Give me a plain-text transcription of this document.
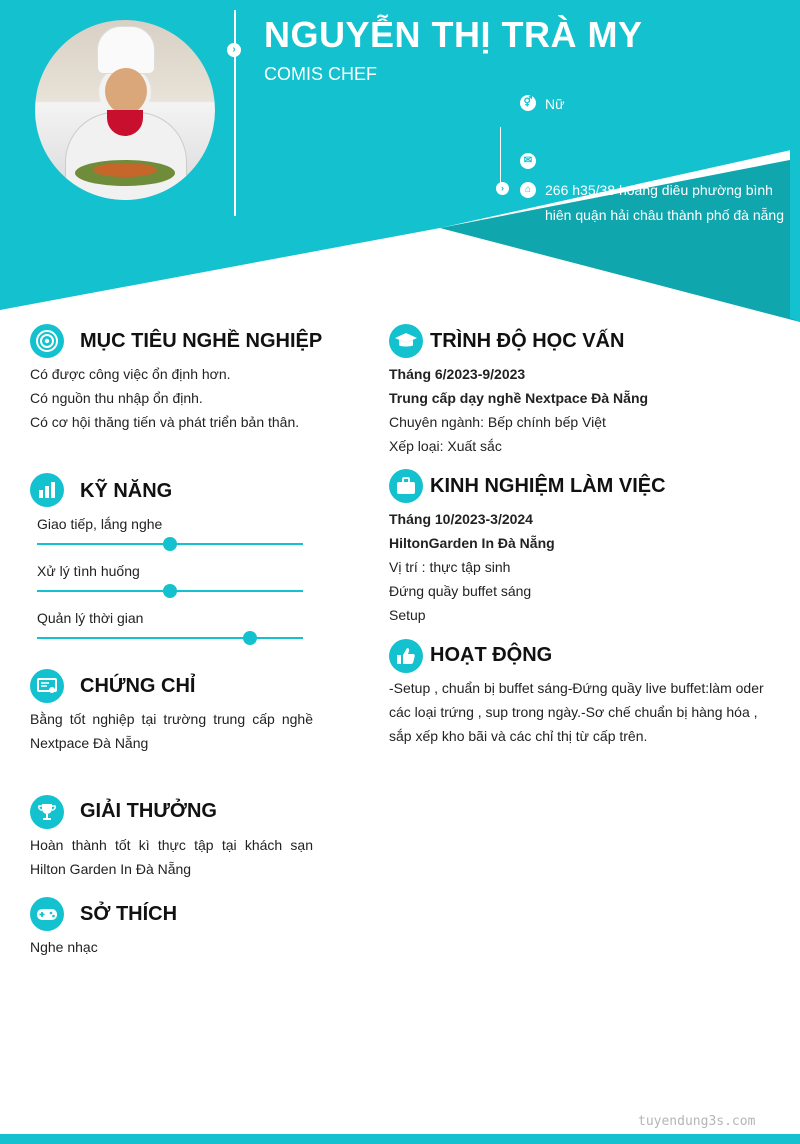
› NGUYỄN THỊ TRÀ MY
COMIS CHEF
⚥ Nữ
✉
›	⌂ 266 h35/38 hoàng diêu phường bình hiên quận hải châu thành phố đà nẵng
MỤC TIÊU NGHỀ NGHIỆP

Có được công việc ổn định hơn.

Có nguồn thu nhập ổn định.

Có cơ hội thăng tiến và phát triển bản thân.

KỸ NĂNG
Giao tiếp, lắng nghe
Xử lý tình huống
Quản lý thời gian
CHỨNG CHỈ
Bằng tốt nghiệp tại trường trung cấp nghề Nextpace Đà Nẵng
GIẢI THƯỞNG
Hoàn thành tốt kì thực tập tại khách sạn Hilton Garden In Đà Nẵng
SỞ THÍCH
Nghe nhạc
TRÌNH ĐỘ HỌC VẤN

Tháng 6/2023-9/2023

Trung cấp dạy nghề Nextpace Đà Nẵng

Chuyên ngành: Bếp chính bếp Việt

Xếp loại: Xuất sắc

KINH NGHIỆM LÀM VIỆC

Tháng 10/2023-3/2024

HiltonGarden In Đà Nẵng

Vị trí : thực tập sinh

Đứng quầy buffet sáng

Setup

HOẠT ĐỘNG
-Setup , chuẩn bị buffet sáng-Đứng quầy live buffet:làm oder các loại trứng , sup trong ngày.-Sơ chế chuẩn bị hàng hóa , sắp xếp kho bãi và các chỉ thị từ cấp trên.
tuyendung3s.com
